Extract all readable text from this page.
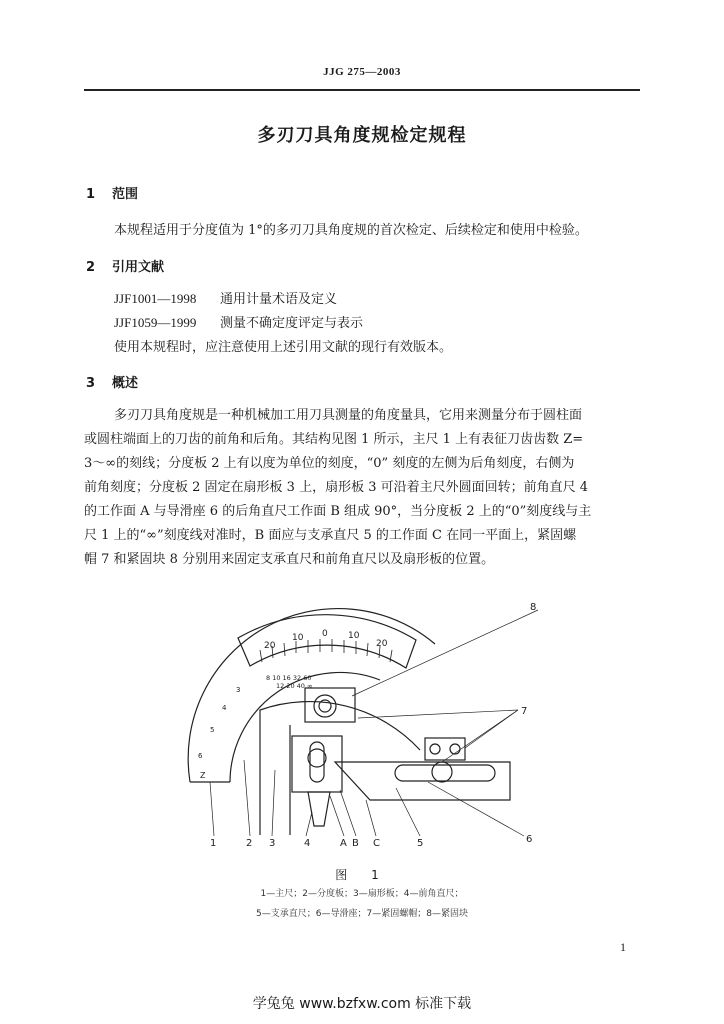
JJG 275—2003
多刃刀具角度规检定规程
1 范围
本规程适用于分度值为 1°的多刃刀具角度规的首次检定、后续检定和使用中检验。
2 引用文献
JJF1001—1998 通用计量术语及定义
JJF1059—1999 测量不确定度评定与表示
使用本规程时，应注意使用上述引用文献的现行有效版本。
3 概述
多刃刀具角度规是一种机械加工用刀具测量的角度量具，它用来测量分布于圆柱面
或圆柱端面上的刀齿的前角和后角。其结构见图 1 所示，主尺 1 上有表征刀齿齿数 Z=
3～∞的刻线；分度板 2 上有以度为单位的刻度，“0” 刻度的左侧为后角刻度，右侧为
前角刻度；分度板 2 固定在扇形板 3 上，扇形板 3 可沿着主尺外圆面回转；前角直尺 4
的工作面 A 与导滑座 6 的后角直尺工作面 B 组成 90°，当分度板 2 上的“0”刻度线与主
尺 1 上的“∞”刻度线对准时，B 面应与支承直尺 5 的工作面 C 在同一平面上，紧固螺
帽 7 和紧固块 8 分别用来固定支承直尺和前角直尺以及扇形板的位置。
20
10 0 10
20
8 10 16 32 60
12 20 40 ∞
3
4
5
6
Z
1	2 3	4	A B C	5	6
8
7
图 1
1—主尺；2—分度板；3—扇形板；4—前角直尺；
5—支承直尺；6—导滑座；7—紧固螺帽；8—紧固块
1
学兔兔 www.bzfxw.com 标准下载
